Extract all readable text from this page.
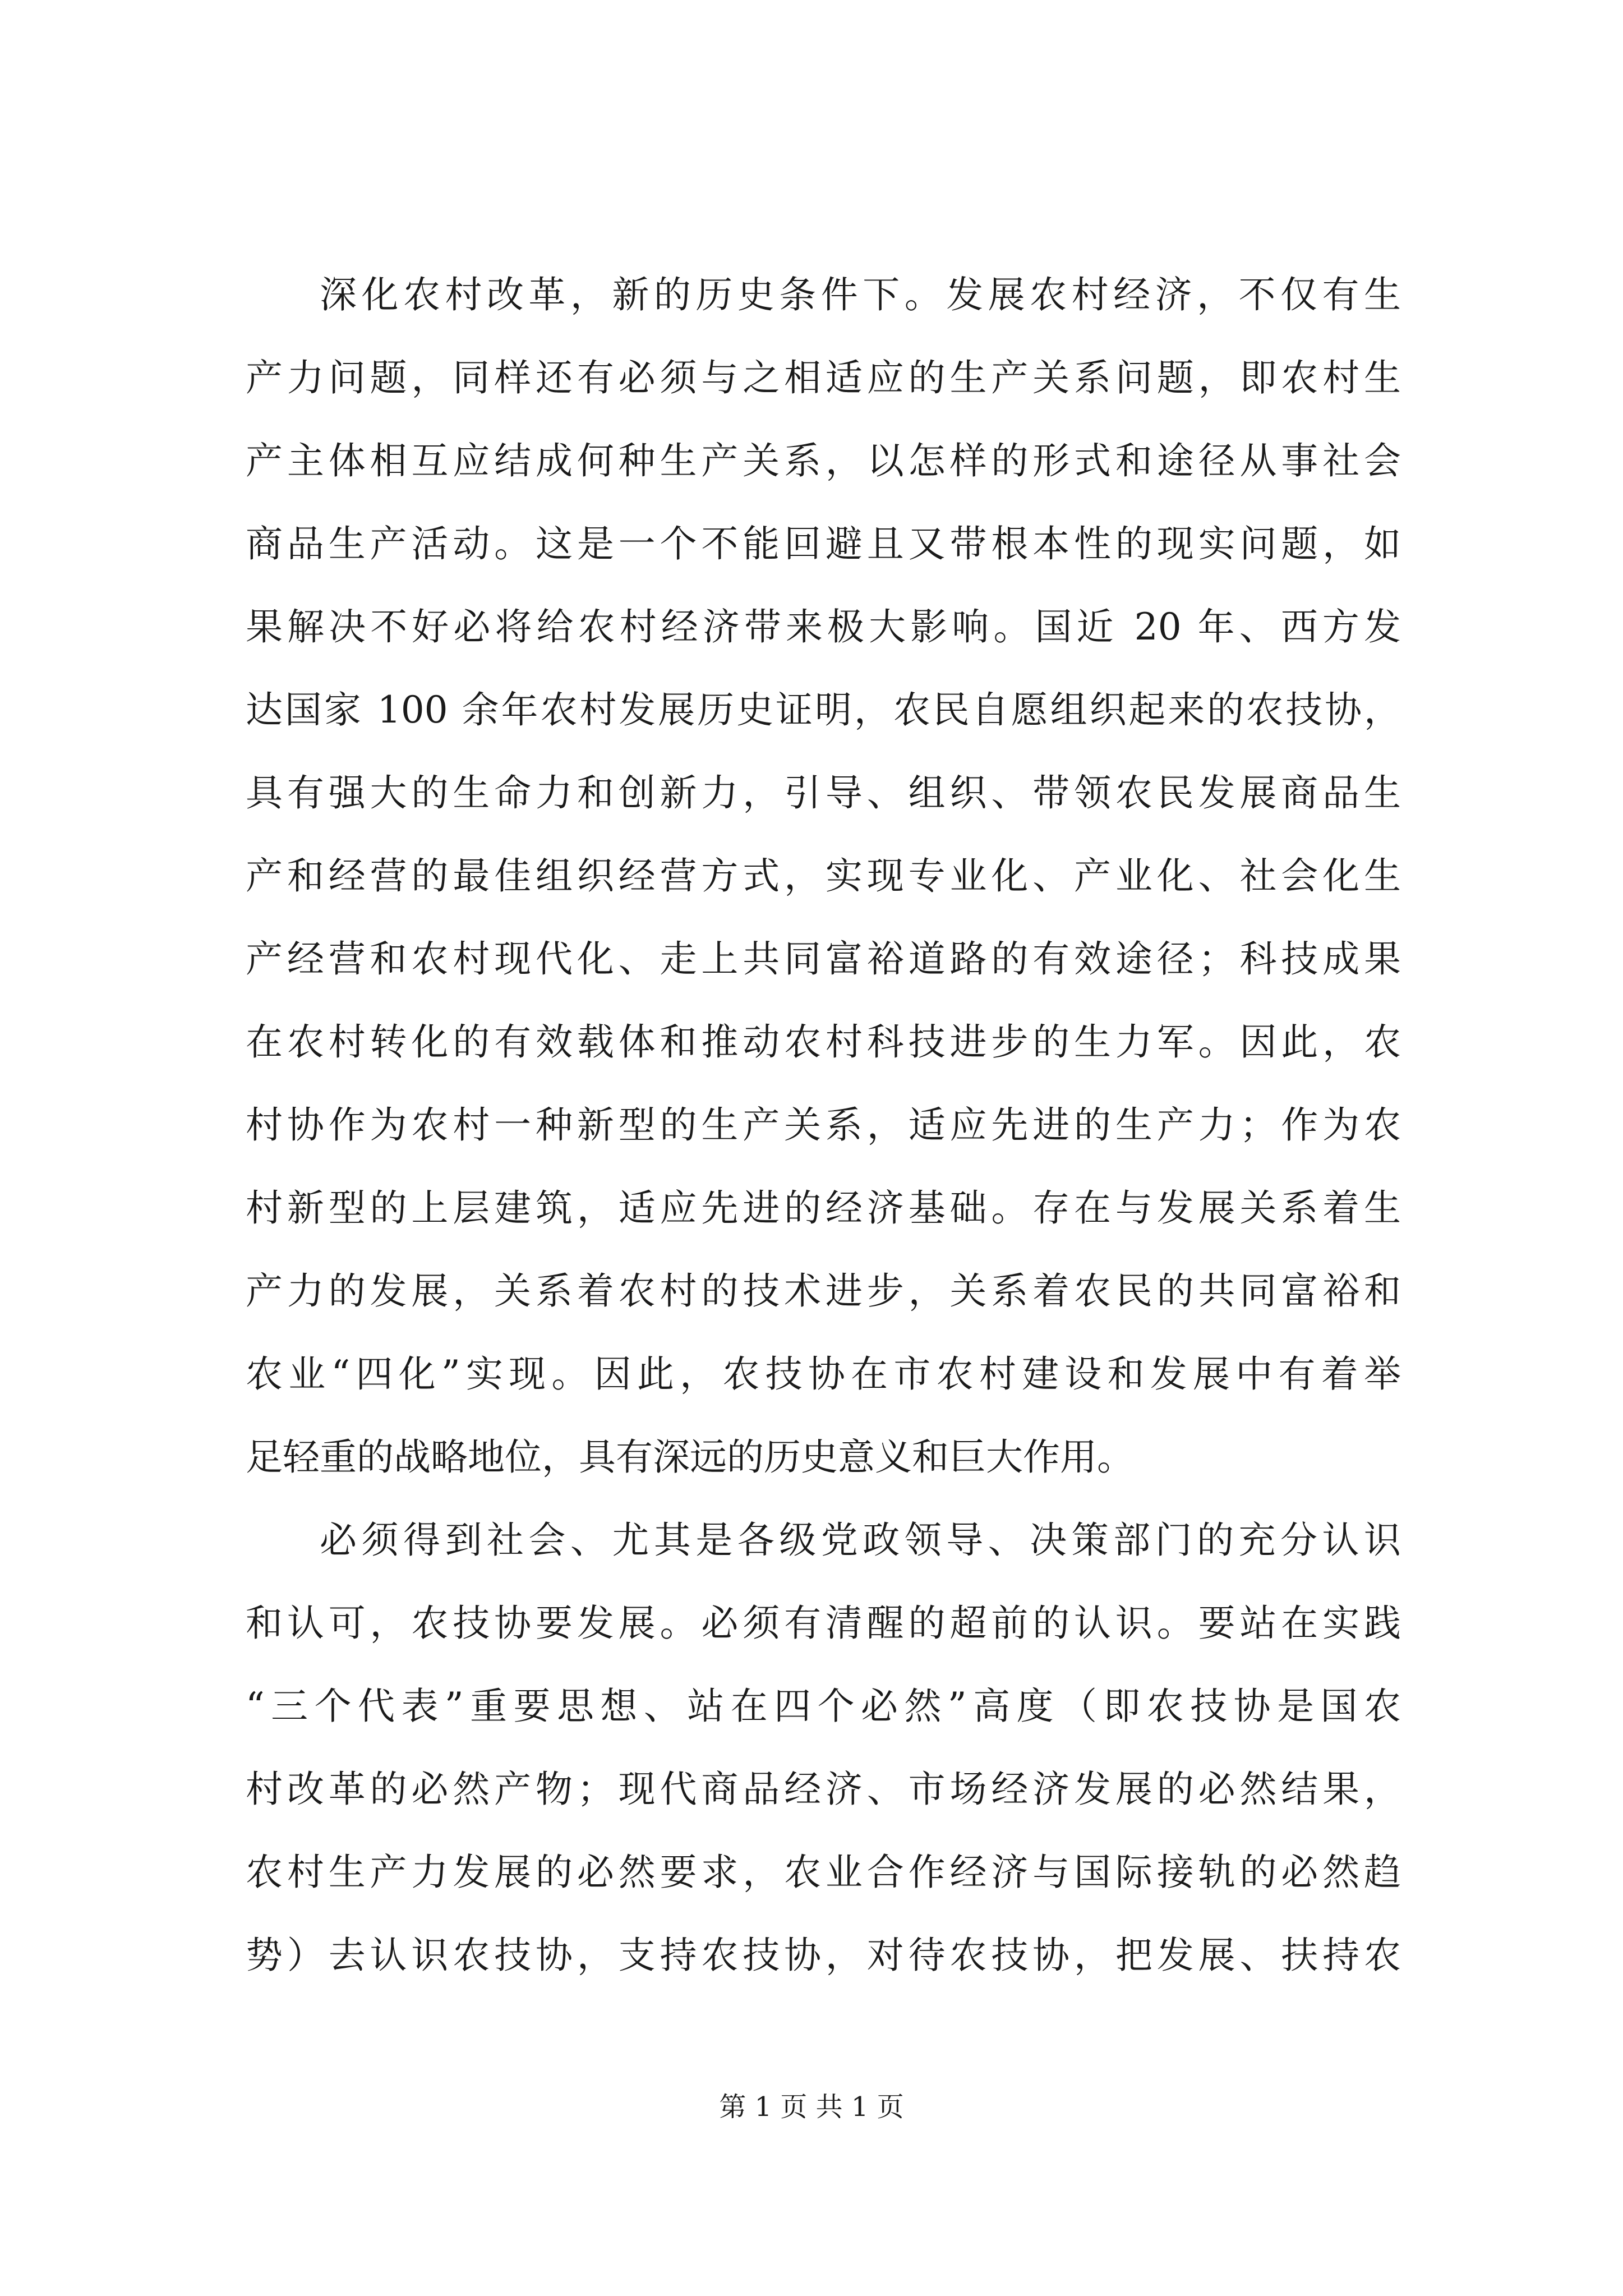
深化农村改革，新的历史条件下。发展农村经济，不仅有生
产力问题，同样还有必须与之相适应的生产关系问题，即农村生
产主体相互应结成何种生产关系，以怎样的形式和途径从事社会
商品生产活动。这是一个不能回避且又带根本性的现实问题，如
果解决不好必将给农村经济带来极大影响。国近 20 年、西方发
达国家 100 余年农村发展历史证明，农民自愿组织起来的农技协，
具有强大的生命力和创新力，引导、组织、带领农民发展商品生
产和经营的最佳组织经营方式，实现专业化、产业化、社会化生
产经营和农村现代化、走上共同富裕道路的有效途径；科技成果
在农村转化的有效载体和推动农村科技进步的生力军。因此，农
村协作为农村一种新型的生产关系，适应先进的生产力；作为农
村新型的上层建筑，适应先进的经济基础。存在与发展关系着生
产力的发展，关系着农村的技术进步，关系着农民的共同富裕和
农业“四化”实现。因此，农技协在市农村建设和发展中有着举
足轻重的战略地位，具有深远的历史意义和巨大作用。
必须得到社会、尤其是各级党政领导、决策部门的充分认识
和认可，农技协要发展。必须有清醒的超前的认识。要站在实践
“三个代表”重要思想、站在四个必然”高度（即农技协是国农
村改革的必然产物；现代商品经济、市场经济发展的必然结果，
农村生产力发展的必然要求，农业合作经济与国际接轨的必然趋
势）去认识农技协，支持农技协，对待农技协，把发展、扶持农
第 1 页 共 1 页
